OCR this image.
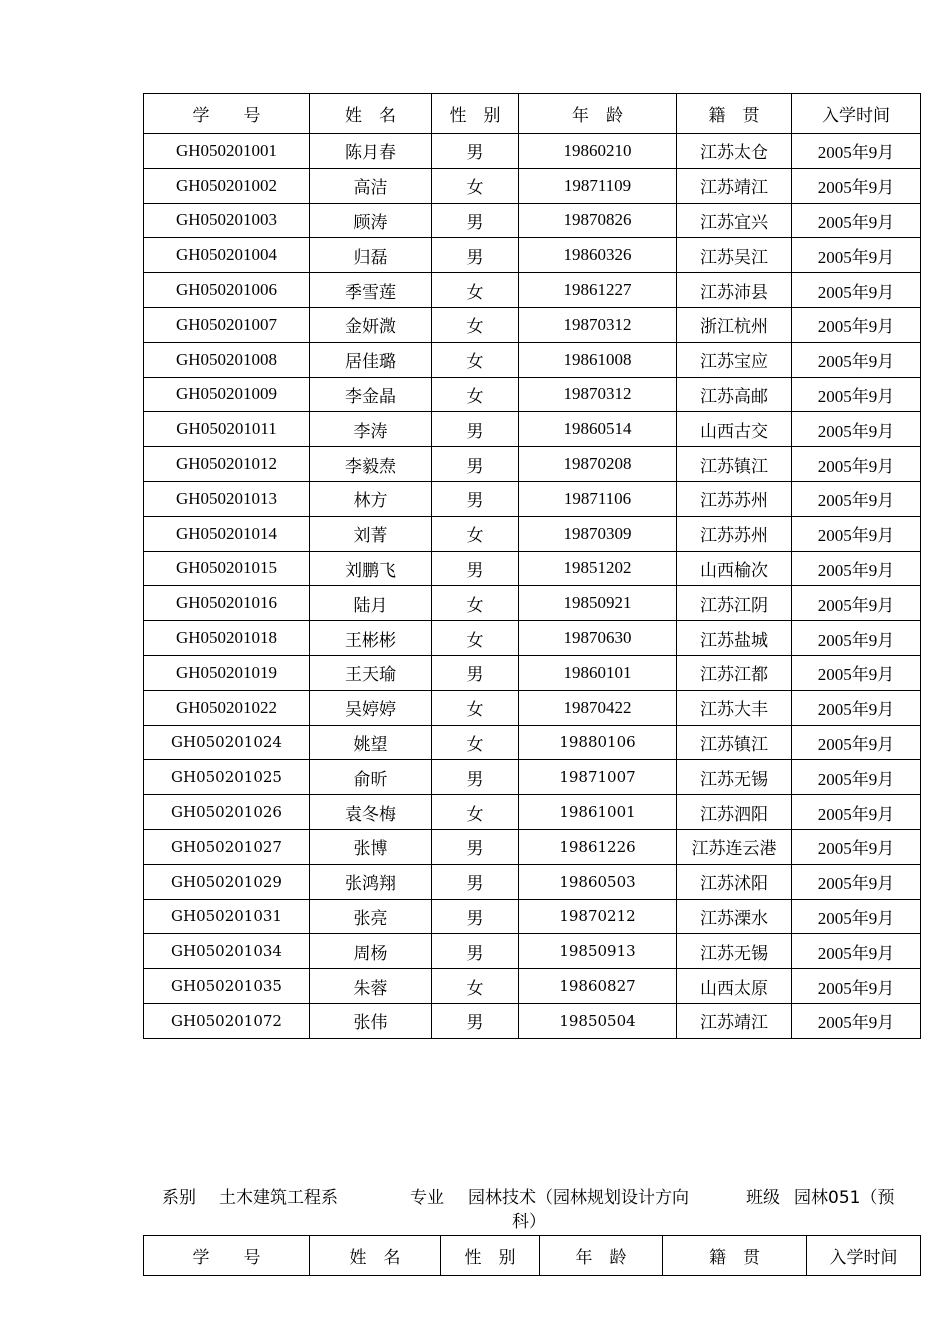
学　　号	姓　名	性　别	年　龄	籍　贯	入学时间
GH050201001	陈月春	男	19860210	江苏太仓	2005年9月
GH050201002	高洁	女	19871109	江苏靖江	2005年9月
GH050201003	顾涛	男	19870826	江苏宜兴	2005年9月
GH050201004	归磊	男	19860326	江苏吴江	2005年9月
GH050201006	季雪莲	女	19861227	江苏沛县	2005年9月
GH050201007	金妍溦	女	19870312	浙江杭州	2005年9月
GH050201008	居佳璐	女	19861008	江苏宝应	2005年9月
GH050201009	李金晶	女	19870312	江苏高邮	2005年9月
GH050201011	李涛	男	19860514	山西古交	2005年9月
GH050201012	李毅焘	男	19870208	江苏镇江	2005年9月
GH050201013	林方	男	19871106	江苏苏州	2005年9月
GH050201014	刘菁	女	19870309	江苏苏州	2005年9月
GH050201015	刘鹏飞	男	19851202	山西榆次	2005年9月
GH050201016	陆月	女	19850921	江苏江阴	2005年9月
GH050201018	王彬彬	女	19870630	江苏盐城	2005年9月
GH050201019	王天瑜	男	19860101	江苏江都	2005年9月
GH050201022	吴婷婷	女	19870422	江苏大丰	2005年9月
GH050201024	姚望	女	19880106	江苏镇江	2005年9月
GH050201025	俞昕	男	19871007	江苏无锡	2005年9月
GH050201026	袁冬梅	女	19861001	江苏泗阳	2005年9月
GH050201027	张博	男	19861226	江苏连云港	2005年9月
GH050201029	张鸿翔	男	19860503	江苏沭阳	2005年9月
GH050201031	张亮	男	19870212	江苏溧水	2005年9月
GH050201034	周杨	男	19850913	江苏无锡	2005年9月
GH050201035	朱蓉	女	19860827	山西太原	2005年9月
GH050201072	张伟	男	19850504	江苏靖江	2005年9月
系别 土木建筑工程系	专业 园林技术（园林规划设计方向	班级 园林051（预
科）
学　　号	姓　名	性　别	年　龄	籍　贯	入学时间
